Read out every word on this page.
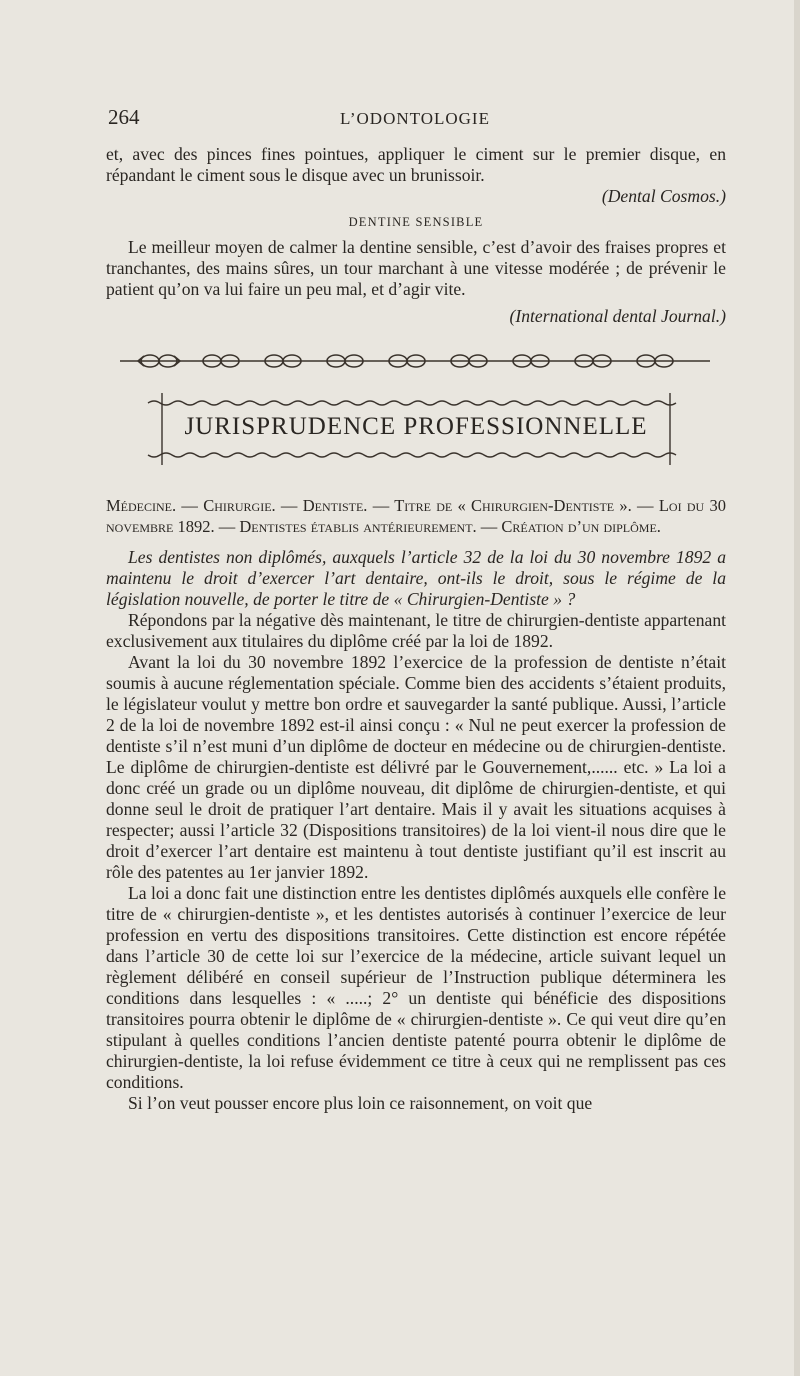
264	L’ODONTOLOGIE

et, avec des pinces fines pointues, appliquer le ciment sur le premier disque, en répandant le ciment sous le disque avec un brunissoir.

(Dental Cosmos.)

DENTINE SENSIBLE

Le meilleur moyen de calmer la dentine sensible, c’est d’avoir des fraises propres et tranchantes, des mains sûres, un tour marchant à une vitesse modérée ; de prévenir le patient qu’on va lui faire un peu mal, et d’agir vite.

(International dental Journal.)

JURISPRUDENCE PROFESSIONNELLE

Médecine. — Chirurgie. — Dentiste. — Titre de « Chirurgien-Dentiste ». — Loi du 30 novembre 1892. — Dentistes établis antérieurement. — Création d’un diplôme.

Les dentistes non diplômés, auxquels l’article 32 de la loi du 30 novembre 1892 a maintenu le droit d’exercer l’art dentaire, ont-ils le droit, sous le régime de la législation nouvelle, de porter le titre de « Chirurgien-Dentiste » ?

Répondons par la négative dès maintenant, le titre de chirurgien-dentiste appartenant exclusivement aux titulaires du diplôme créé par la loi de 1892.

Avant la loi du 30 novembre 1892 l’exercice de la profession de dentiste n’était soumis à aucune réglementation spéciale. Comme bien des accidents s’étaient produits, le législateur voulut y mettre bon ordre et sauvegarder la santé publique. Aussi, l’article 2 de la loi de novembre 1892 est-il ainsi conçu : « Nul ne peut exercer la profession de dentiste s’il n’est muni d’un diplôme de docteur en médecine ou de chirurgien-dentiste. Le diplôme de chirurgien-dentiste est délivré par le Gouvernement,...... etc. » La loi a donc créé un grade ou un diplôme nouveau, dit diplôme de chirurgien-dentiste, et qui donne seul le droit de pratiquer l’art dentaire. Mais il y avait les situations acquises à respecter; aussi l’article 32 (Dispositions transitoires) de la loi vient-il nous dire que le droit d’exercer l’art dentaire est maintenu à tout dentiste justifiant qu’il est inscrit au rôle des patentes au 1er janvier 1892.

La loi a donc fait une distinction entre les dentistes diplômés auxquels elle confère le titre de « chirurgien-dentiste », et les dentistes autorisés à continuer l’exercice de leur profession en vertu des dispositions transitoires. Cette distinction est encore répétée dans l’article 30 de cette loi sur l’exercice de la médecine, article suivant lequel un règlement délibéré en conseil supérieur de l’Instruction publique déterminera les conditions dans lesquelles : « .....; 2° un dentiste qui bénéficie des dispositions transitoires pourra obtenir le diplôme de « chirurgien-dentiste ». Ce qui veut dire qu’en stipulant à quelles conditions l’ancien dentiste patenté pourra obtenir le diplôme de chirurgien-dentiste, la loi refuse évidemment ce titre à ceux qui ne remplissent pas ces conditions.

Si l’on veut pousser encore plus loin ce raisonnement, on voit que
